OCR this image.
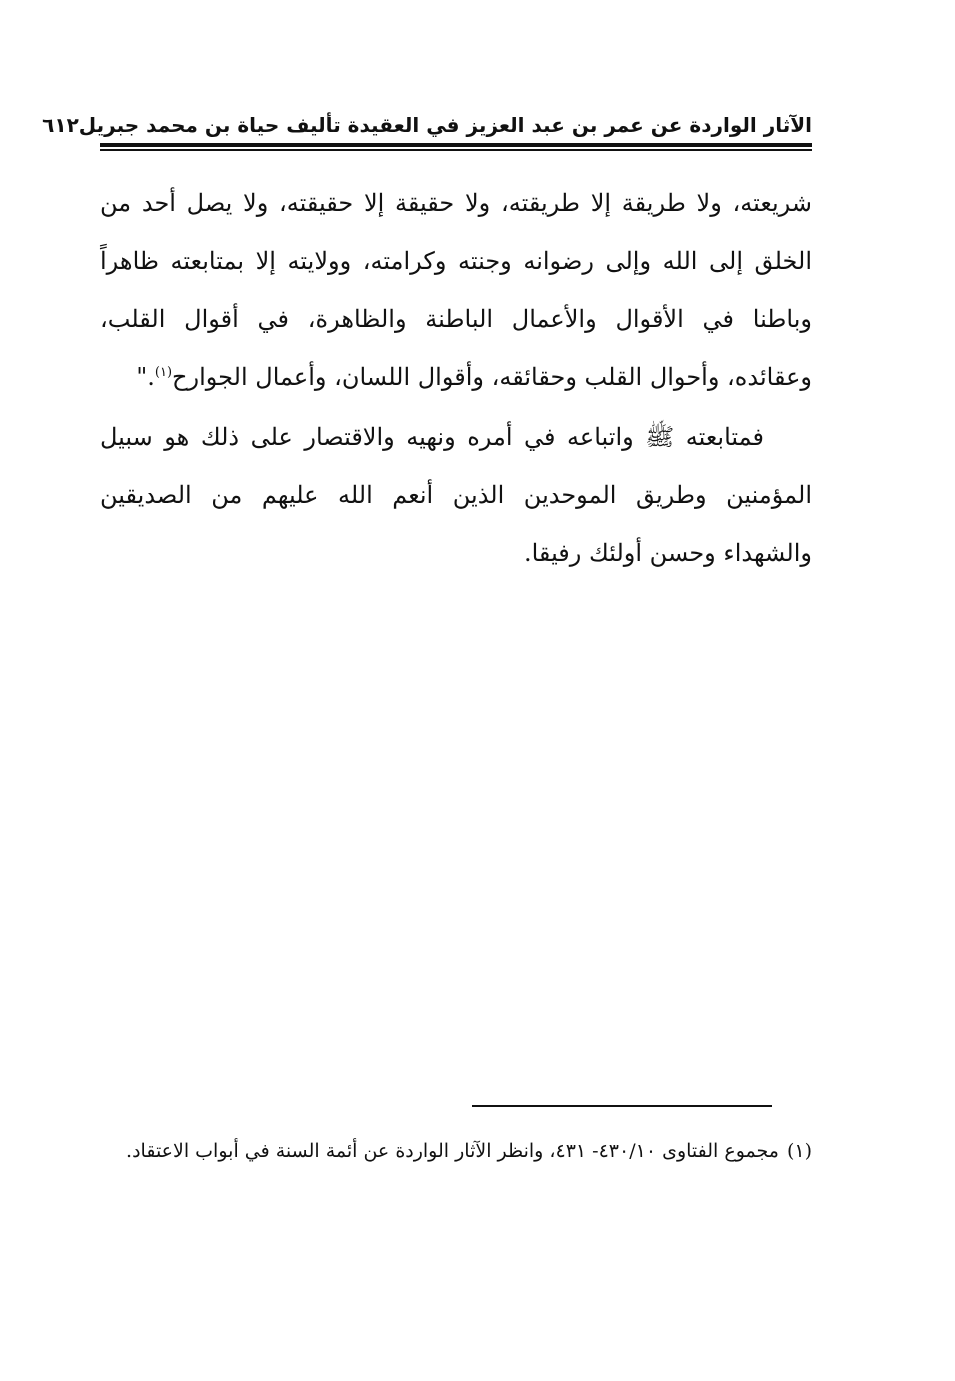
الآثار الواردة عن عمر بن عبد العزيز في العقيدة تأليف حياة بن محمد جبريل
٦١٢

شريعته، ولا طريقة إلا طريقته، ولا حقيقة إلا حقيقته، ولا يصل أحد من الخلق إلى الله وإلى رضوانه وجنته وكرامته، وولايته إلا بمتابعته ظاهراً وباطنا في الأقوال والأعمال الباطنة والظاهرة، في أقوال القلب، وعقائده، وأحوال القلب وحقائقه، وأقوال اللسان، وأعمال الجوارح$^{(١)}$."

فمتابعته ﷺ واتباعه في أمره ونهيه والاقتصار على ذلك هو سبيل المؤمنين وطريق الموحدين الذين أنعم الله عليهم من الصديقين والشهداء وحسن أولئك رفيقا.

(١)مجموع الفتاوى ٤٣٠/١٠- ٤٣١، وانظر الآثار الواردة عن أئمة السنة في أبواب الاعتقاد.
